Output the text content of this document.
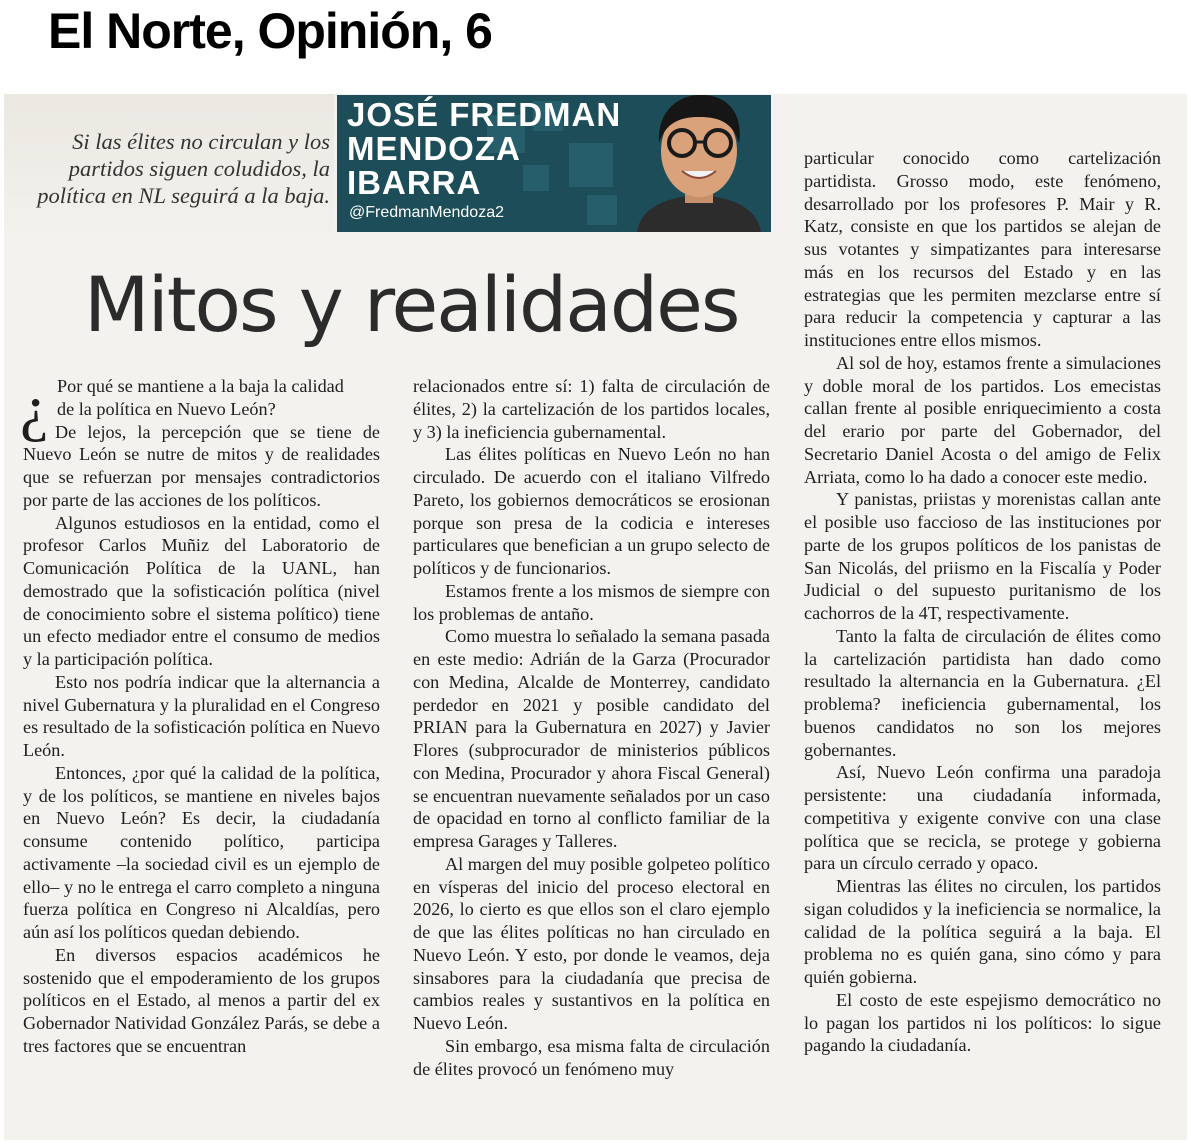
El Norte, Opinión, 6
Si las élites no circulan y los partidos siguen coludidos, la política en NL seguirá a la baja.
JOSÉ FREDMAN
MENDOZA
IBARRA
@FredmanMendoza2
Mitos y realidades
¿ Por qué se mantiene a la baja la calidad

de la política en Nuevo León?

De lejos, la percepción que se tiene de Nuevo León se nutre de mitos y de realidades que se refuerzan por mensajes contradictorios por parte de las acciones de los políticos.

Algunos estudiosos en la entidad, como el profesor Carlos Muñiz del Laboratorio de Comunicación Política de la UANL, han demostrado que la sofisticación política (nivel de conocimiento sobre el sistema político) tiene un efecto mediador entre el consumo de medios y la participación política.

Esto nos podría indicar que la alternancia a nivel Gubernatura y la pluralidad en el Congreso es resultado de la sofisticación política en Nuevo León.

Entonces, ¿por qué la calidad de la política, y de los políticos, se mantiene en niveles bajos en Nuevo León? Es decir, la ciudadanía consume contenido político, participa activamente –la sociedad civil es un ejemplo de ello– y no le entrega el carro completo a ninguna fuerza política en Congreso ni Alcaldías, pero aún así los políticos quedan debiendo.

En diversos espacios académicos he sostenido que el empoderamiento de los grupos políticos en el Estado, al menos a partir del ex Gobernador Natividad González Parás, se debe a tres factores que se encuentran

relacionados entre sí: 1) falta de circulación de élites, 2) la cartelización de los partidos locales, y 3) la ineficiencia gubernamental.

Las élites políticas en Nuevo León no han circulado. De acuerdo con el italiano Vilfredo Pareto, los gobiernos democráticos se erosionan porque son presa de la codicia e intereses particulares que benefician a un grupo selecto de políticos y de funcionarios.

Estamos frente a los mismos de siempre con los problemas de antaño.

Como muestra lo señalado la semana pasada en este medio: Adrián de la Garza (Procurador con Medina, Alcalde de Monterrey, candidato perdedor en 2021 y posible candidato del PRIAN para la Gubernatura en 2027) y Javier Flores (subprocurador de ministerios públicos con Medina, Procurador y ahora Fiscal General) se encuentran nuevamente señalados por un caso de opacidad en torno al conflicto familiar de la empresa Garages y Talleres.

Al margen del muy posible golpeteo político en vísperas del inicio del proceso electoral en 2026, lo cierto es que ellos son el claro ejemplo de que las élites políticas no han circulado en Nuevo León. Y esto, por donde le veamos, deja sinsabores para la ciudadanía que precisa de cambios reales y sustantivos en la política en Nuevo León.

Sin embargo, esa misma falta de circulación de élites provocó un fenómeno muy

particular conocido como cartelización partidista. Grosso modo, este fenómeno, desarrollado por los profesores P. Mair y R. Katz, consiste en que los partidos se alejan de sus votantes y simpatizantes para interesarse más en los recursos del Estado y en las estrategias que les permiten mezclarse entre sí para reducir la competencia y capturar a las instituciones entre ellos mismos.

Al sol de hoy, estamos frente a simulaciones y doble moral de los partidos. Los emecistas callan frente al posible enriquecimiento a costa del erario por parte del Gobernador, del Secretario Daniel Acosta o del amigo de Felix Arriata, como lo ha dado a conocer este medio.

Y panistas, priistas y morenistas callan ante el posible uso faccioso de las instituciones por parte de los grupos políticos de los panistas de San Nicolás, del priismo en la Fiscalía y Poder Judicial o del supuesto puritanismo de los cachorros de la 4T, respectivamente.

Tanto la falta de circulación de élites como la cartelización partidista han dado como resultado la alternancia en la Gubernatura. ¿El problema? ineficiencia gubernamental, los buenos candidatos no son los mejores gobernantes.

Así, Nuevo León confirma una paradoja persistente: una ciudadanía informada, competitiva y exigente convive con una clase política que se recicla, se protege y gobierna para un círculo cerrado y opaco.

Mientras las élites no circulen, los partidos sigan coludidos y la ineficiencia se normalice, la calidad de la política seguirá a la baja. El problema no es quién gana, sino cómo y para quién gobierna.

El costo de este espejismo democrático no lo pagan los partidos ni los políticos: lo sigue pagando la ciudadanía.
